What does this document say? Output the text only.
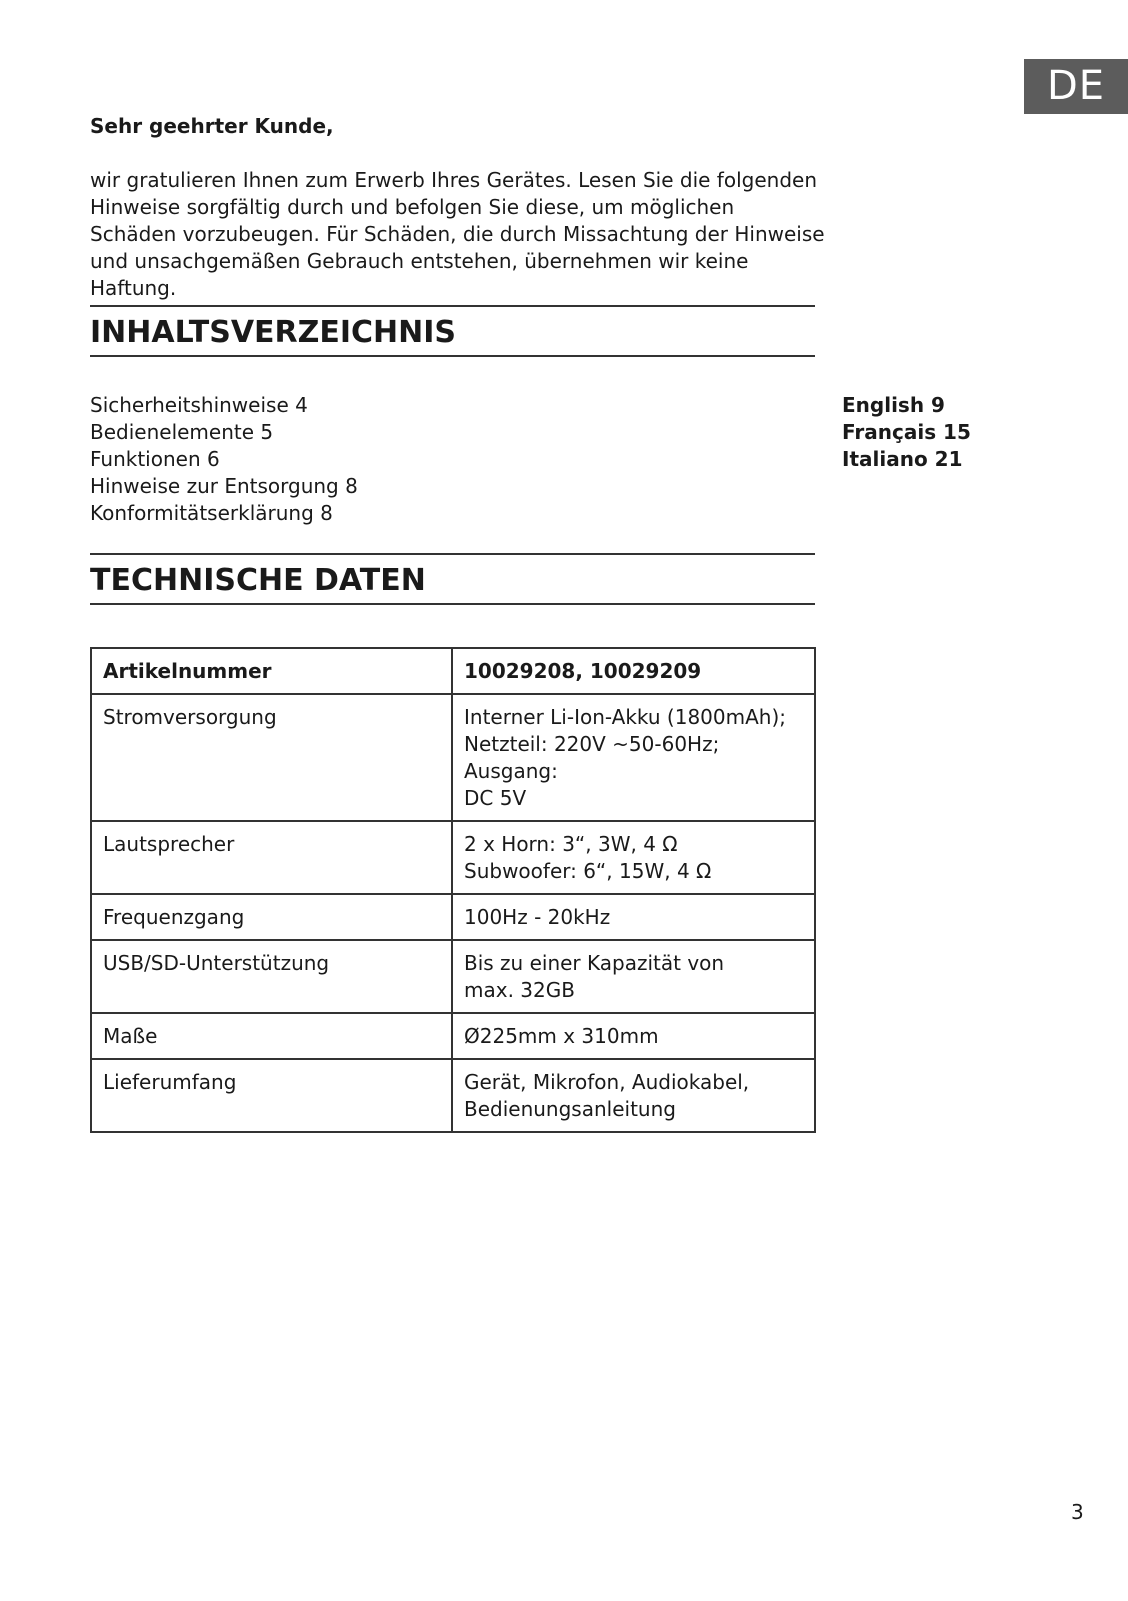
DE
Sehr geehrter Kunde,

wir gratulieren Ihnen zum Erwerb Ihres Gerätes. Lesen Sie die folgenden Hinweise sorgfältig durch und befolgen Sie diese, um möglichen Schäden vorzubeugen. Für Schäden, die durch Missachtung der Hinweise und unsachgemäßen Gebrauch entstehen, übernehmen wir keine Haftung.

INHALTSVERZEICHNIS
Sicherheitshinweise 4
Bedienelemente 5
Funktionen 6
Hinweise zur Entsorgung 8
Konformitätserklärung 8
English 9
Français 15
Italiano 21
TECHNISCHE DATEN
Artikelnummer	10029208, 10029209
Stromversorgung	Interner Li-Ion-Akku (1800mAh);
Netzteil: 220V ~50-60Hz; Ausgang:
DC 5V

Lautsprecher	2 x Horn: 3“, 3W, 4 Ω
Subwoofer: 6“, 15W, 4 Ω

Frequenzgang	100Hz - 20kHz

USB/SD-Unterstützung	Bis zu einer Kapazität von
max. 32GB

Maße	Ø225mm x 310mm

Lieferumfang	Gerät, Mikrofon, Audiokabel,
Bedienungsanleitung
3
